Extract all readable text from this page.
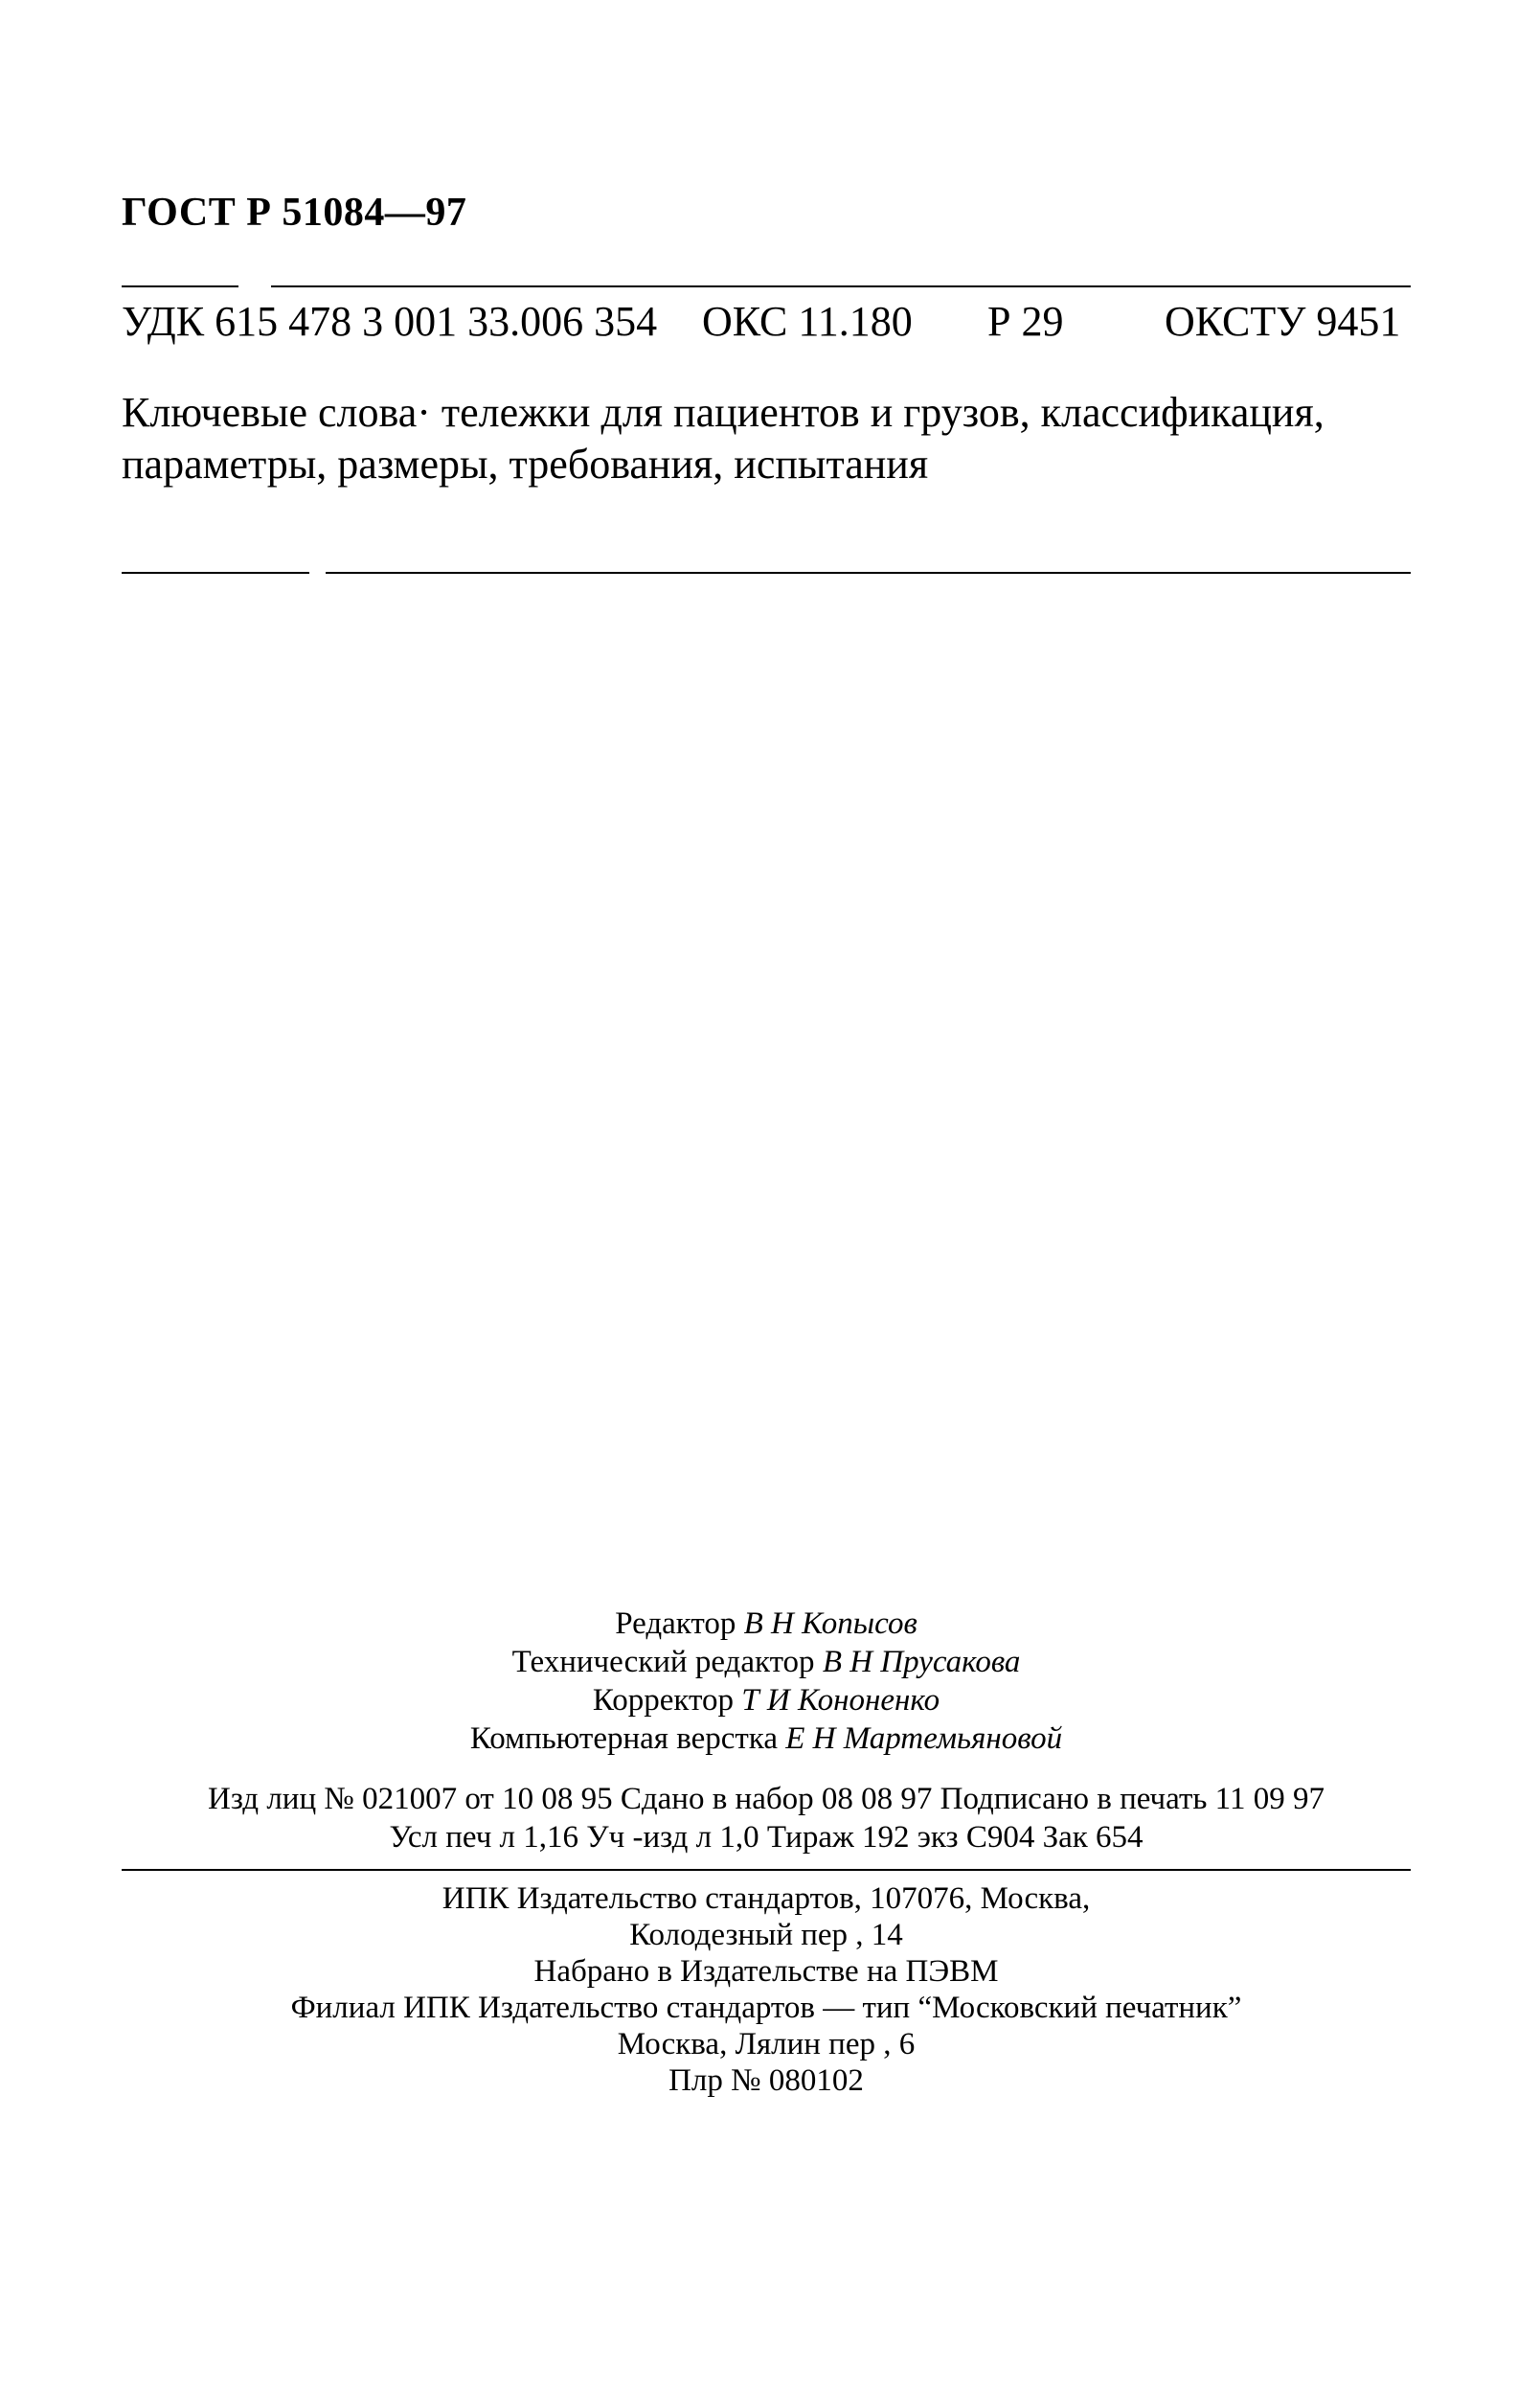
ГОСТ Р 51084—97
УДК 615 478 3 001 33.006 354 ОКС 11.180 Р 29 ОКСТУ 9451

Ключевые слова· тележки для пациентов и грузов, классификация,
параметры, размеры, требования, испытания

Редактор В Н Копысов
Технический редактор В Н Прусакова
Корректор Т И Кононенко
Компьютерная верстка Е Н Мартемьяновой
Изд лиц № 021007 от 10 08 95 Сдано в набор 08 08 97 Подписано в печать 11 09 97
Усл печ л 1,16 Уч -изд л 1,0 Тираж 192 экз С904 Зак 654
ИПК Издательство стандартов, 107076, Москва,
Колодезный пер , 14
Набрано в Издательстве на ПЭВМ
Филиал ИПК Издательство стандартов — тип “Московский печатник”
Москва, Лялин пер , 6
Плр № 080102
